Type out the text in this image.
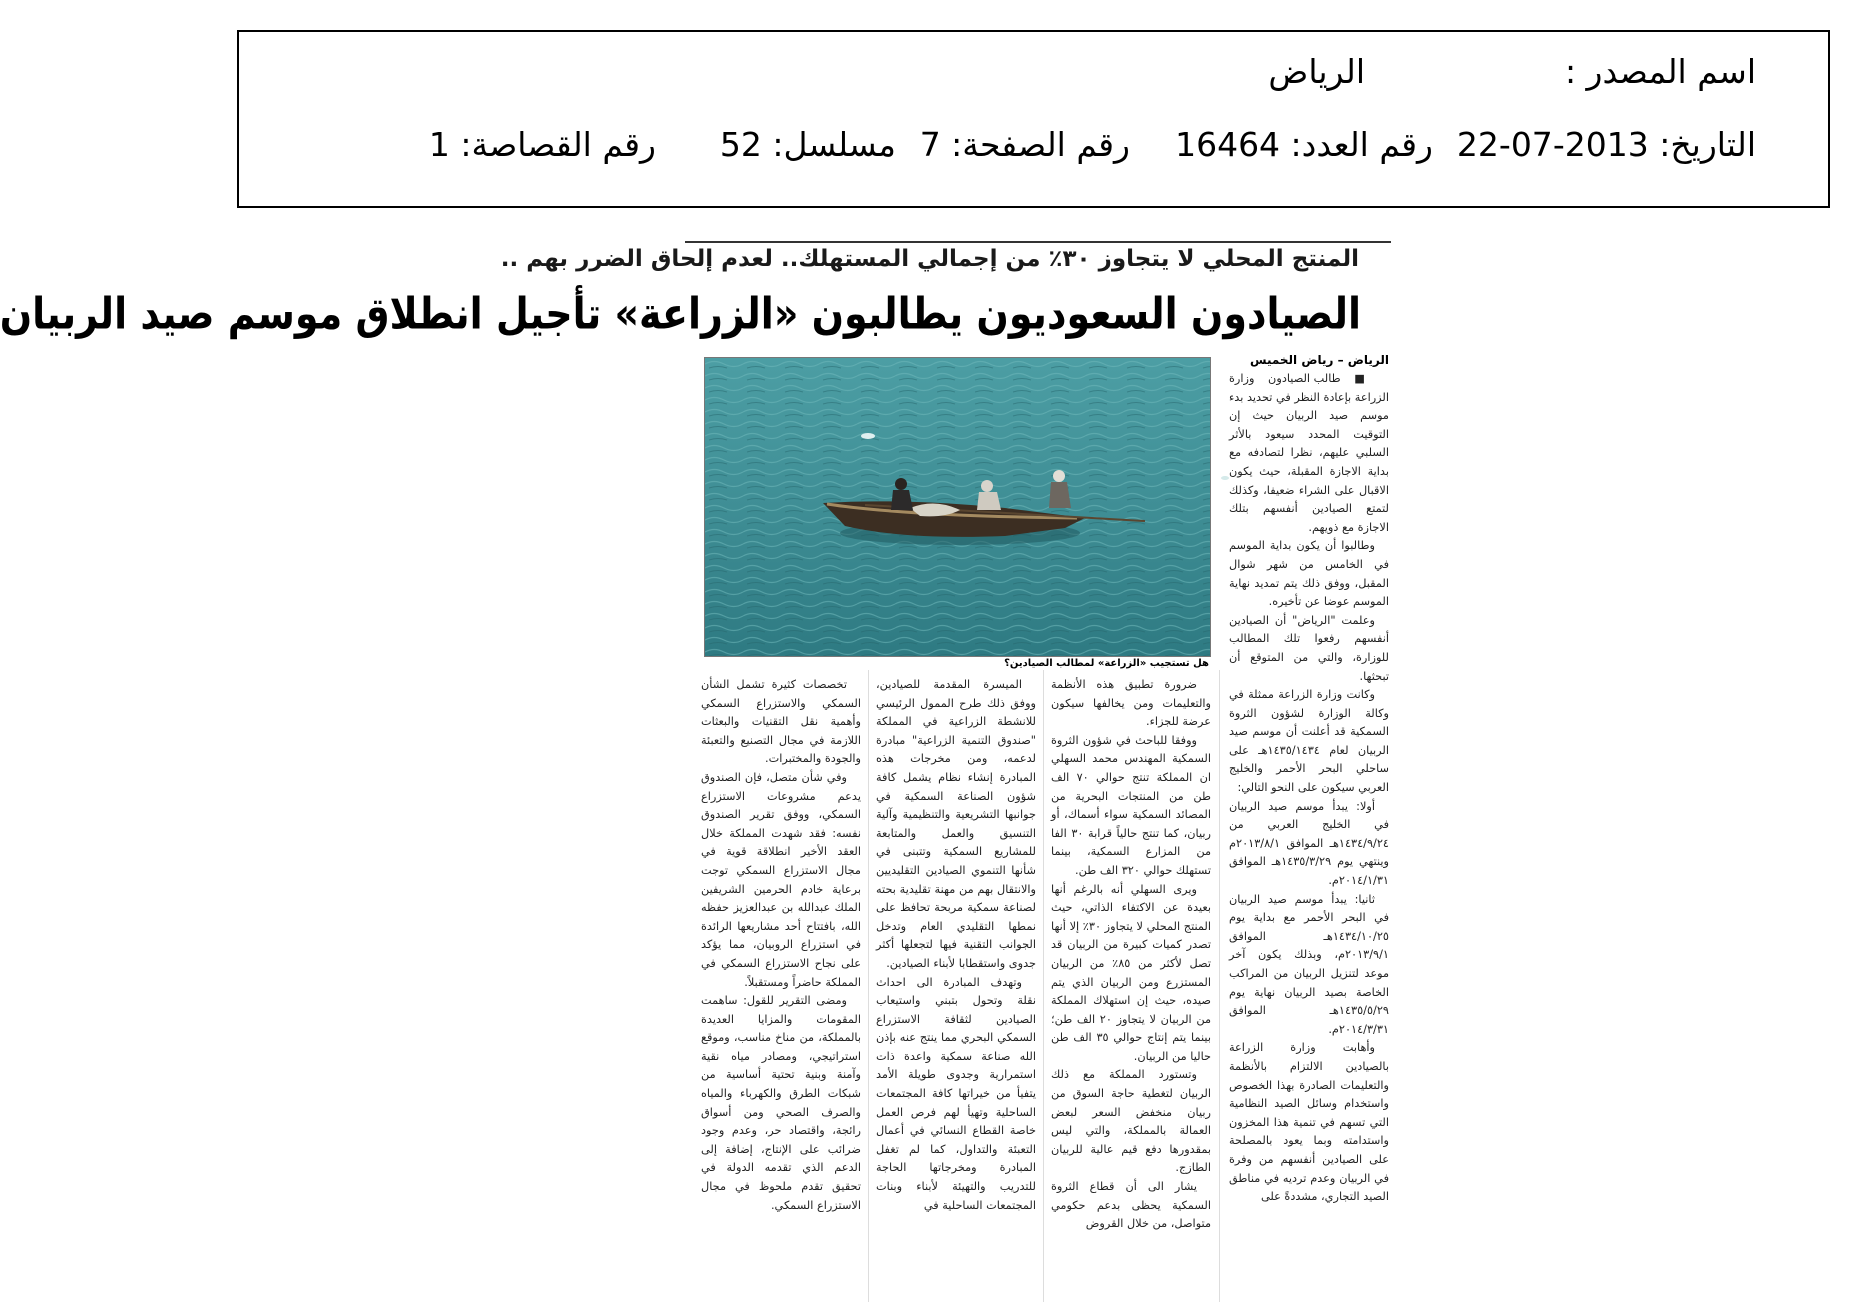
اسم المصدر :
الرياض
التاريخ: 2013-07-22
رقم العدد: 16464
رقم الصفحة: 7
مسلسل: 52
رقم القصاصة: 1
المنتج المحلي لا يتجاوز ٣٠٪ من إجمالي المستهلك.. لعدم إلحاق الضرر بهم ..
الصيادون السعوديون يطالبون «الزراعة» تأجيل انطلاق موسم صيد الربيان
الرياض – رياض الخميس
هل تستجيب «الزراعة» لمطالب الصيادين؟

■ طالب الصيادون وزارة الزراعة بإعادة النظر في تحديد بدء موسم صيد الربيان حيث إن التوقيت المحدد سيعود بالأثر السلبي عليهم، نظرا لتصادفه مع بداية الاجازة المقبلة، حيث يكون الاقبال على الشراء ضعيفا، وكذلك لتمتع الصيادين أنفسهم بتلك الاجازة مع ذويهم.

وطالبوا أن يكون بداية الموسم في الخامس من شهر شوال المقبل، ووفق ذلك يتم تمديد نهاية الموسم عوضا عن تأخيره.

وعلمت "الرياض" أن الصيادين أنفسهم رفعوا تلك المطالب للوزارة، والتي من المتوقع أن تبحثها.

وكانت وزارة الزراعة ممثلة في وكالة الوزارة لشؤون الثروة السمكية قد أعلنت أن موسم صيد الربيان لعام ١٤٣٥/١٤٣٤هـ على ساحلي البحر الأحمر والخليج العربي سيكون على النحو التالي:

أولا: يبدأ موسم صيد الربيان في الخليج العربي من ١٤٣٤/٩/٢٤هـ الموافق ٢٠١٣/٨/١م وينتهي يوم ١٤٣٥/٣/٢٩هـ الموافق ٢٠١٤/١/٣١م.

ثانيا: يبدأ موسم صيد الربيان في البحر الأحمر مع بداية يوم ١٤٣٤/١٠/٢٥هـ الموافق ٢٠١٣/٩/١م، وبذلك يكون آخر موعد لتنزيل الربيان من المراكب الخاصة بصيد الربيان نهاية يوم ١٤٣٥/٥/٢٩هـ الموافق ٢٠١٤/٣/٣١م.

وأهابت وزارة الزراعة بالصيادين الالتزام بالأنظمة والتعليمات الصادرة بهذا الخصوص واستخدام وسائل الصيد النظامية التي تسهم في تنمية هذا المخزون واستدامته وبما يعود بالمصلحة على الصيادين أنفسهم من وفرة في الربيان وعدم ترديه في مناطق الصيد التجاري، مشددةً على

ضرورة تطبيق هذه الأنظمة والتعليمات ومن يخالفها سيكون عرضة للجزاء.

ووفقا للباحث في شؤون الثروة السمكية المهندس محمد السهلي ان المملكة تنتج حوالي ٧٠ الف طن من المنتجات البحرية من المصائد السمكية سواء أسماك، أو ربيان، كما تنتج حالياً قرابة ٣٠ الفا من المزارع السمكية، بينما تستهلك حوالي ٣٢٠ الف طن.

ويرى السهلي أنه بالرغم أنها بعيدة عن الاكتفاء الذاتي، حيث المنتج المحلي لا يتجاوز ٣٠٪ إلا أنها تصدر كميات كبيرة من الربيان قد تصل لأكثر من ٨٥٪ من الربيان المستزرع ومن الربيان الذي يتم صيده، حيث إن استهلاك المملكة من الربيان لا يتجاوز ٢٠ الف طن؛ بينما يتم إنتاج حوالي ٣٥ الف طن حاليا من الربيان.

وتستورد المملكة مع ذلك الربيان لتغطية حاجة السوق من ربيان منخفض السعر لبعض العمالة بالمملكة، والتي ليس بمقدورها دفع قيم عالية للربيان الطازج.

يشار الى أن قطاع الثروة السمكية يحظى بدعم حكومي متواصل، من خلال القروض

الميسرة المقدمة للصيادين، ووفق ذلك طرح الممول الرئيسي للانشطة الزراعية في المملكة "صندوق التنمية الزراعية" مبادرة لدعمه، ومن مخرجات هذه المبادرة إنشاء نظام يشمل كافة شؤون الصناعة السمكية في جوانبها التشريعية والتنظيمية وآلية التنسيق والعمل والمتابعة للمشاريع السمكية وتتبنى في شأنها التنموي الصيادين التقليديين والانتقال بهم من مهنة تقليدية بحته لصناعة سمكية مربحة تحافظ على نمطها التقليدي العام وتدخل الجوانب التقنية فيها لتجعلها أكثر جدوى واستقطابا لأبناء الصيادين.

وتهدف المبادرة الى احداث نقلة وتحول بتبني واستيعاب الصيادين لثقافة الاستزراع السمكي البحري مما ينتج عنه بإذن الله صناعة سمكية واعدة ذات استمرارية وجدوى طويلة الأمد يتفيأ من خيراتها كافة المجتمعات الساحلية وتهيأ لهم فرص العمل خاصة القطاع النسائي في أعمال التعبئة والتداول، كما لم تغفل المبادرة ومخرجاتها الحاجة للتدريب والتهيئة لأبناء وبنات المجتمعات الساحلية في

تخصصات كثيرة تشمل الشأن السمكي والاستزراع السمكي وأهمية نقل التقنيات والبعثات اللازمة في مجال التصنيع والتعبئة والجودة والمختبرات.

وفي شأن متصل، فإن الصندوق يدعم مشروعات الاستزراع السمكي، ووفق تقرير الصندوق نفسه: فقد شهدت المملكة خلال العقد الأخير انطلاقة قوية في مجال الاستزراع السمكي توجت برعاية خادم الحرمين الشريفين الملك عبدالله بن عبدالعزيز حفظه الله، بافتتاح أحد مشاريعها الرائدة في استزراع الروبيان، مما يؤكد على نجاح الاستزراع السمكي في المملكة حاضراً ومستقبلاً.

ومضى التقرير للقول: ساهمت المقومات والمزايا العديدة بالمملكة، من مناخ مناسب، وموقع استراتيجي، ومصادر مياه نقية وآمنة وبنية تحتية أساسية من شبكات الطرق والكهرباء والمياه والصرف الصحي ومن أسواق رائجة، واقتصاد حر، وعدم وجود ضرائب على الإنتاج، إضافة إلى الدعم الذي تقدمه الدولة في تحقيق تقدم ملحوظ في مجال الاستزراع السمكي.
